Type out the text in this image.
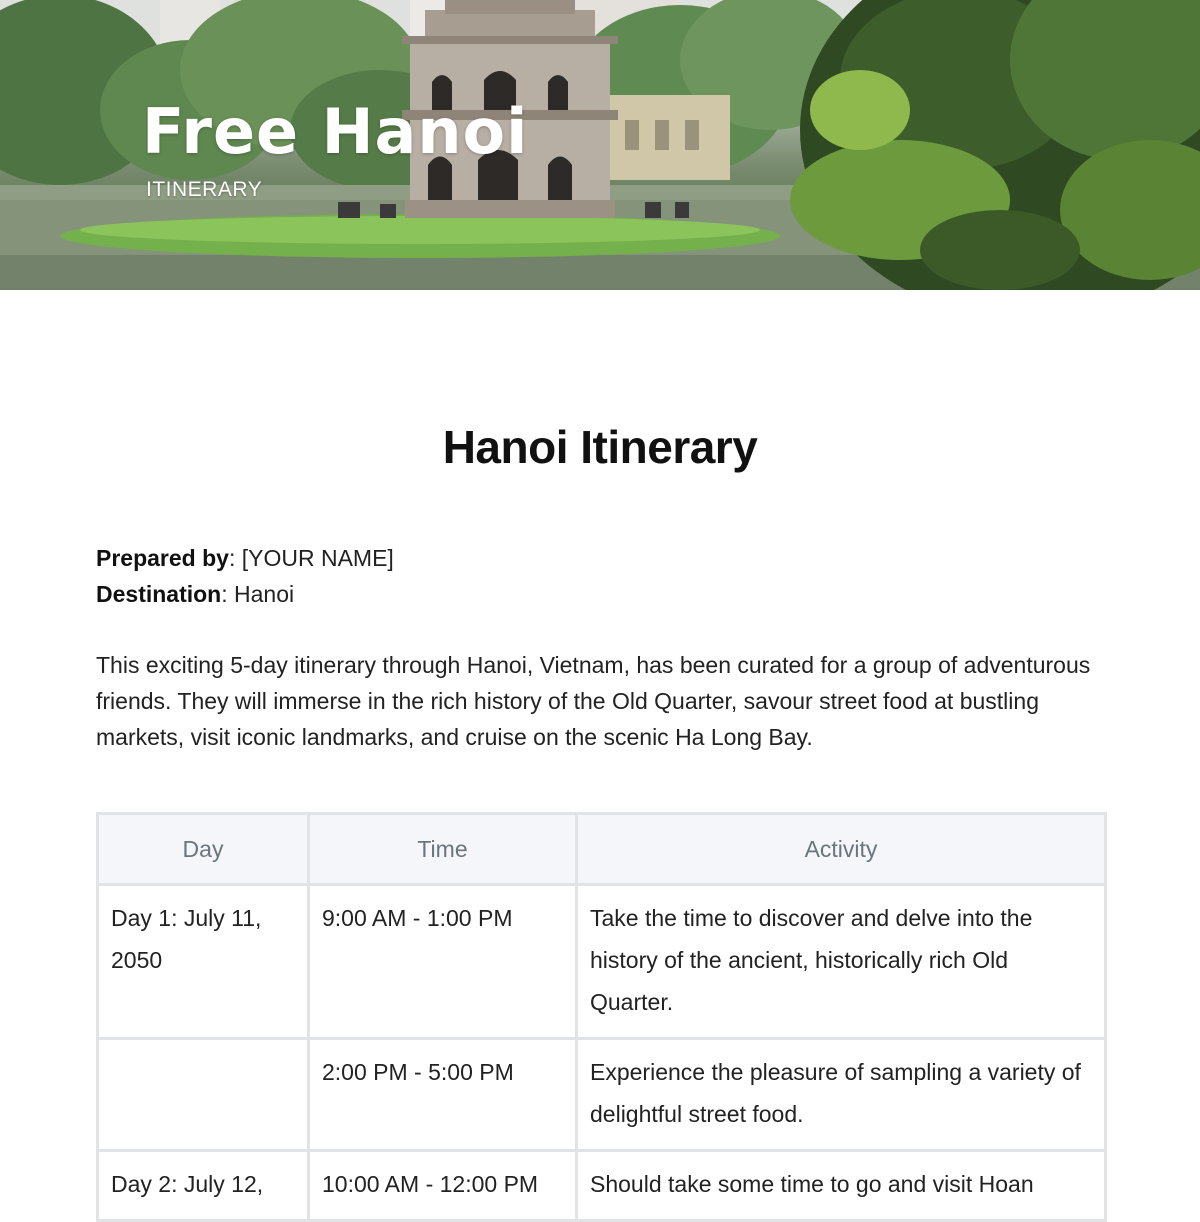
Free Hanoi
ITINERARY
Hanoi Itinerary
Prepared by: [YOUR NAME]
Destination: Hanoi
This exciting 5-day itinerary through Hanoi, Vietnam, has been curated for a group of adventurous friends. They will immerse in the rich history of the Old Quarter, savour street food at bustling markets, visit iconic landmarks, and cruise on the scenic Ha Long Bay.
Day	Time	Activity
Day 1: July 11, 2050	9:00 AM - 1:00 PM	Take the time to discover and delve into the history of the ancient, historically rich Old Quarter.
	2:00 PM - 5:00 PM	Experience the pleasure of sampling a variety of delightful street food.
Day 2: July 12,	10:00 AM - 12:00 PM	Should take some time to go and visit Hoan
